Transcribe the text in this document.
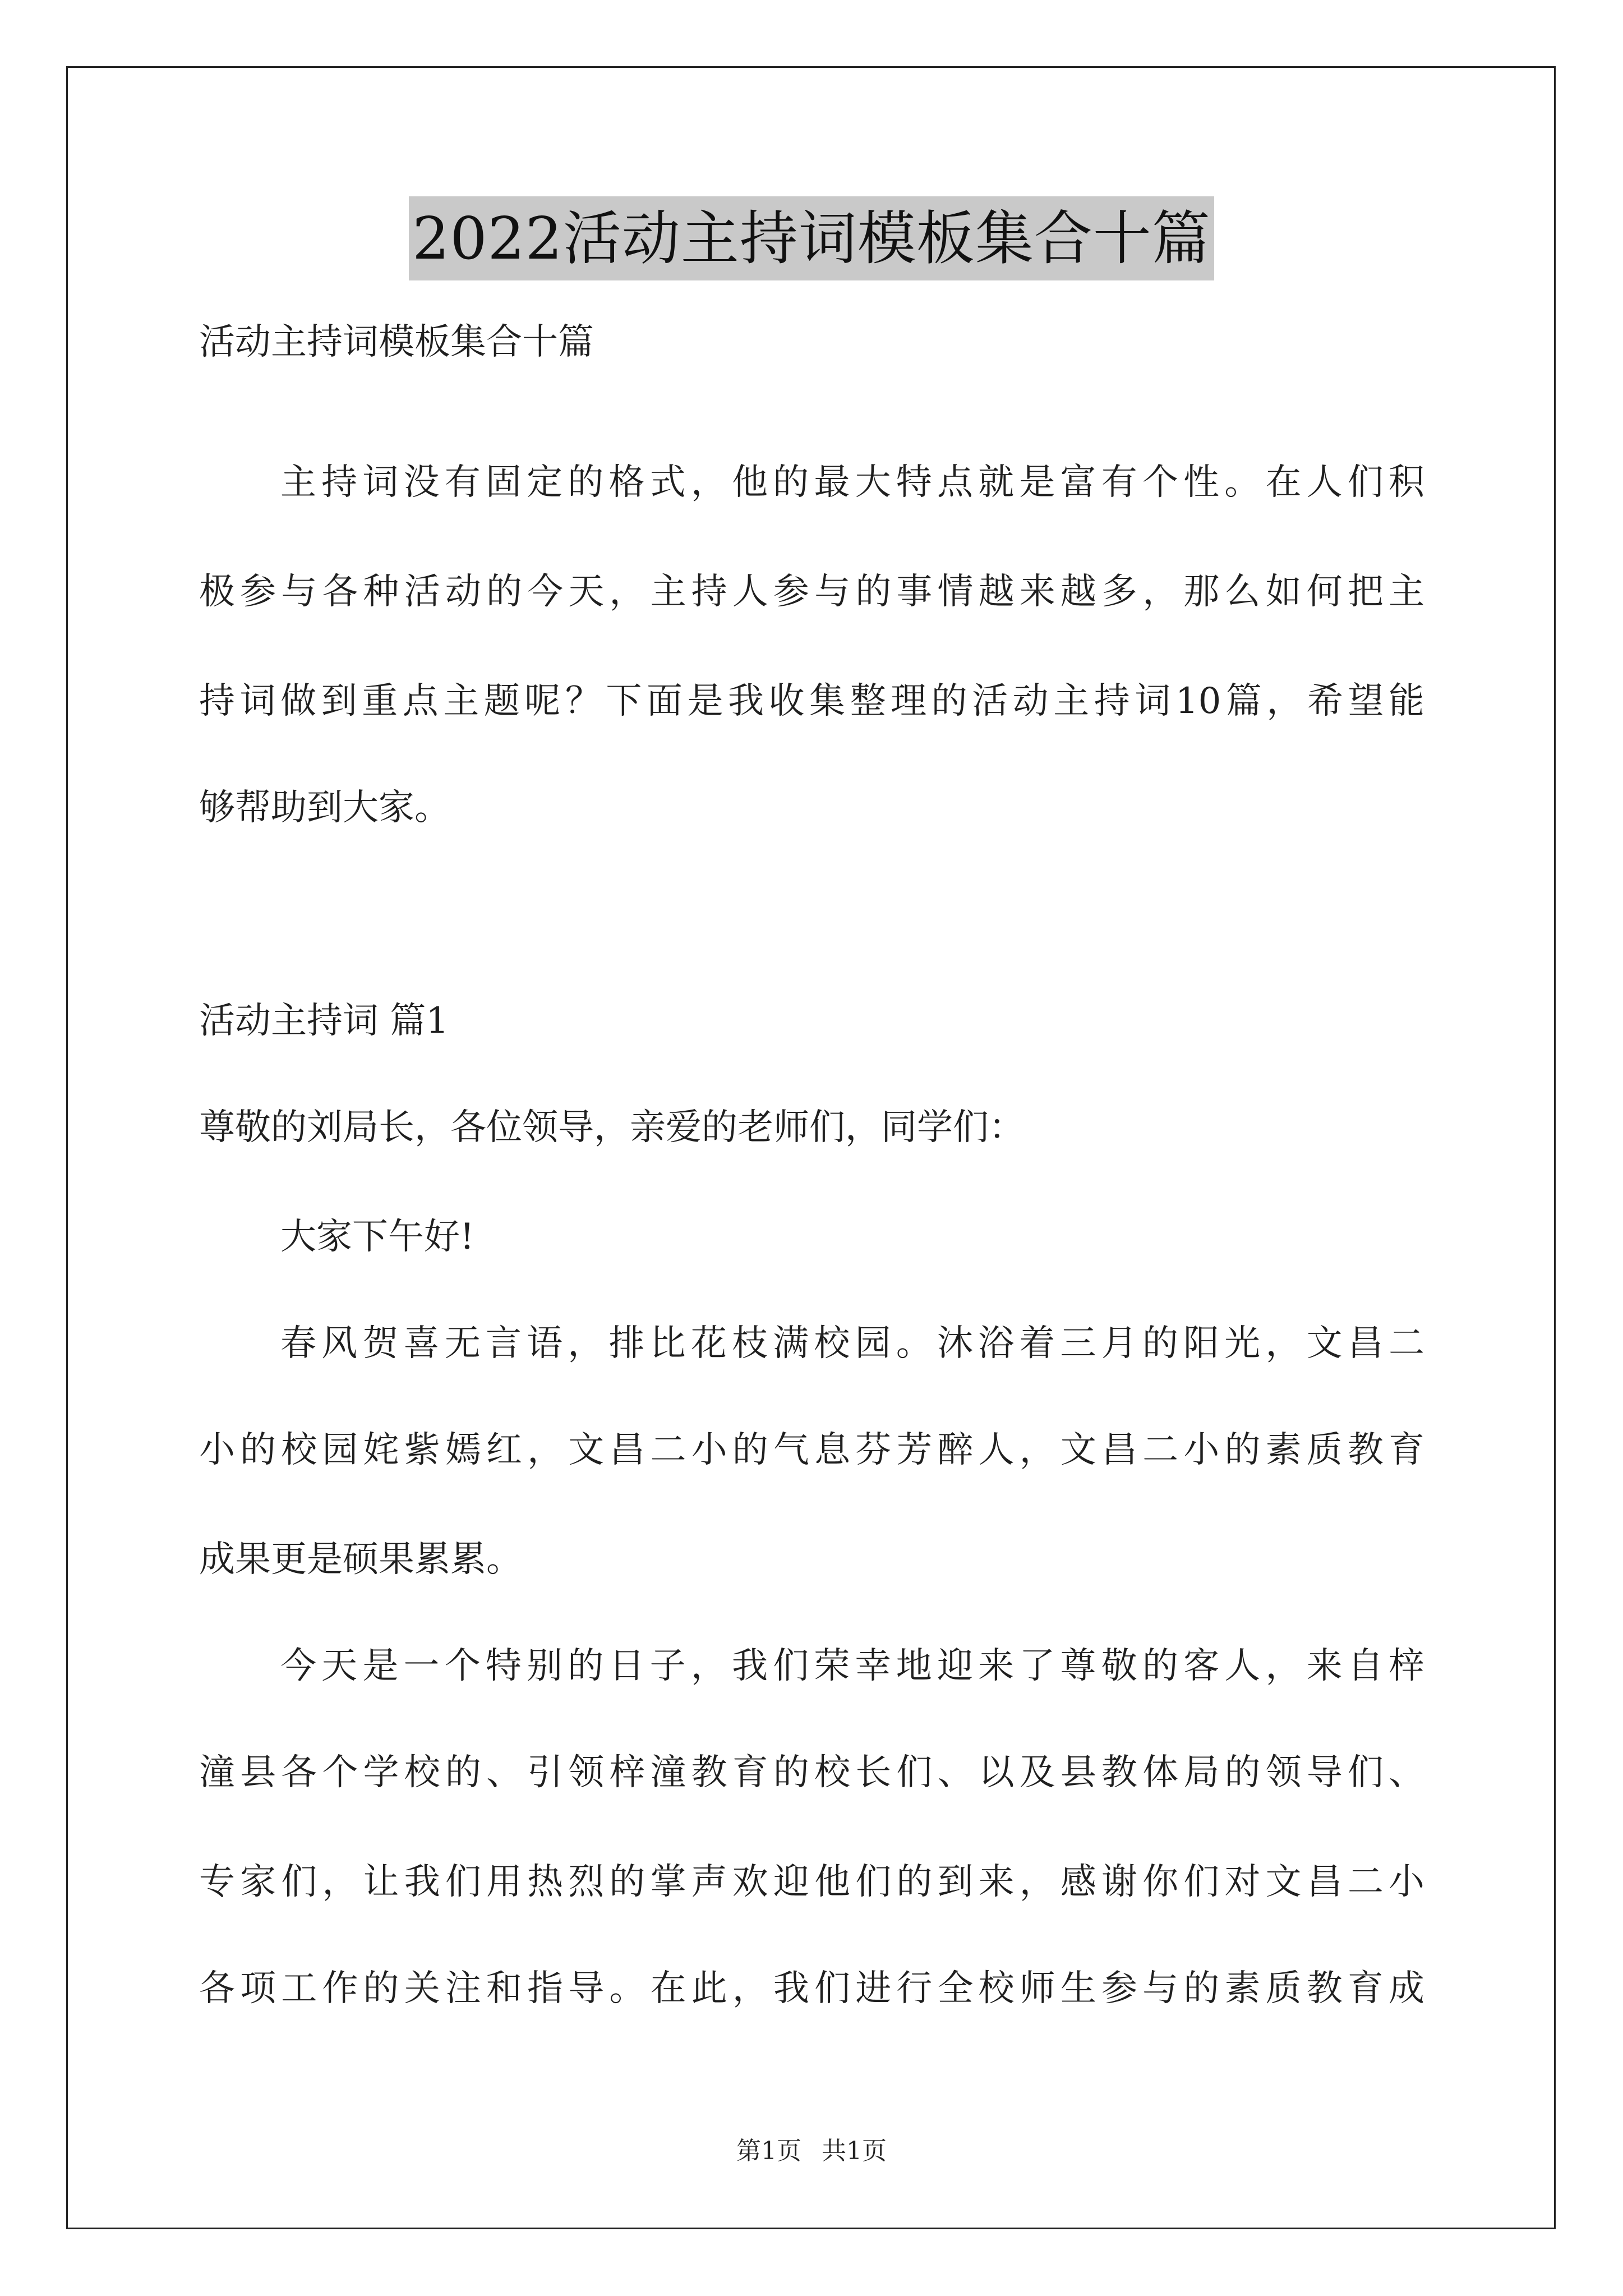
2022活动主持词模板集合十篇
活动主持词模板集合十篇
主持词没有固定的格式，他的最大特点就是富有个性。在人们积
极参与各种活动的今天，主持人参与的事情越来越多，那么如何把主
持词做到重点主题呢？下面是我收集整理的活动主持词10篇，希望能
够帮助到大家。
活动主持词 篇1
尊敬的刘局长，各位领导，亲爱的老师们，同学们：
大家下午好!
春风贺喜无言语，排比花枝满校园。沐浴着三月的阳光，文昌二
小的校园姹紫嫣红，文昌二小的气息芬芳醉人，文昌二小的素质教育
成果更是硕果累累。
今天是一个特别的日子，我们荣幸地迎来了尊敬的客人，来自梓
潼县各个学校的、引领梓潼教育的校长们、以及县教体局的领导们、
专家们，让我们用热烈的掌声欢迎他们的到来，感谢你们对文昌二小
各项工作的关注和指导。在此，我们进行全校师生参与的素质教育成
第1页 共1页
